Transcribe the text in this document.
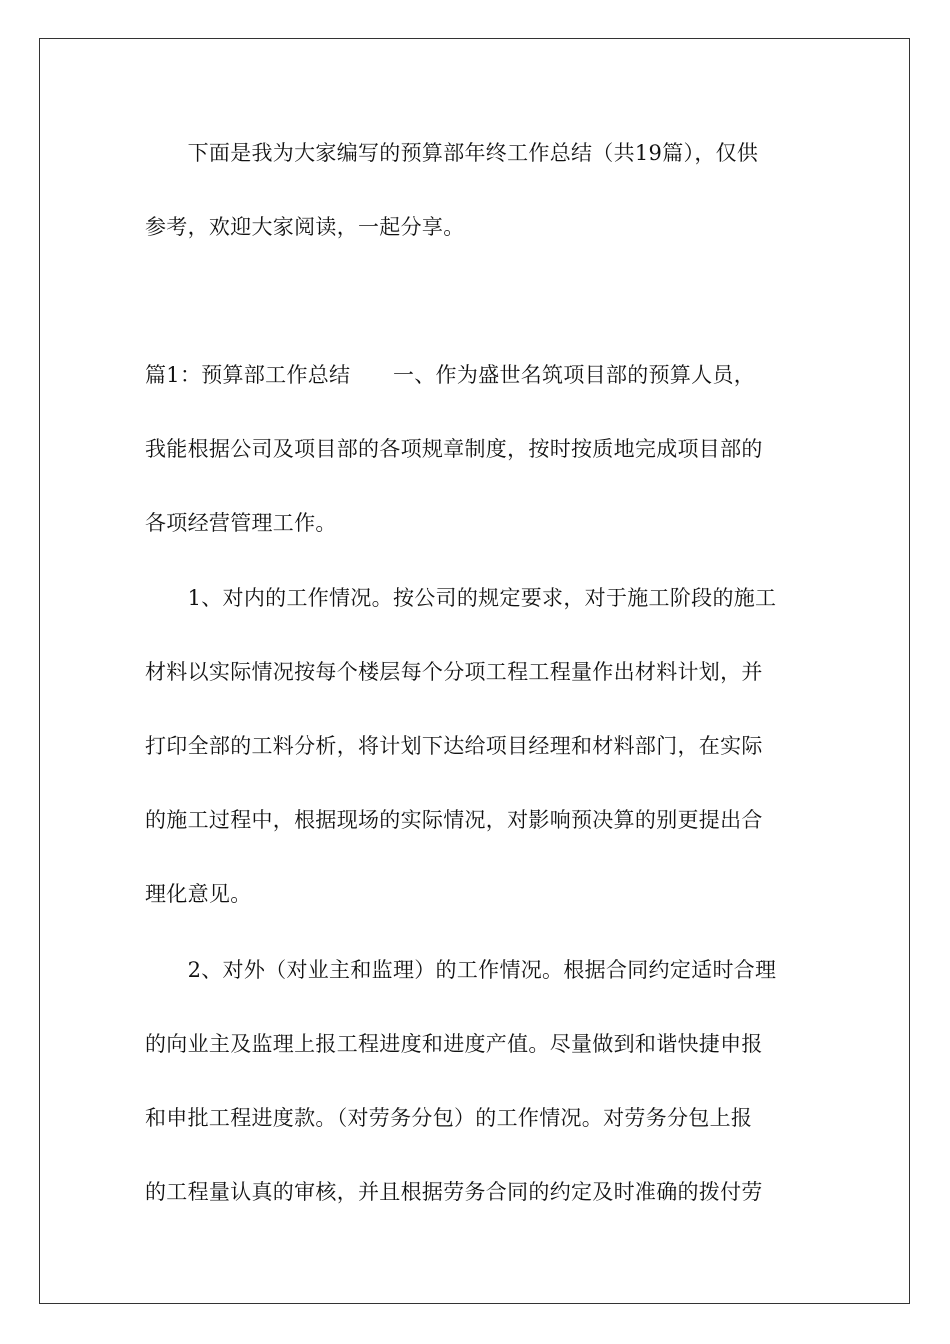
　　下面是我为大家编写的预算部年终工作总结（共19篇），仅供
参考，欢迎大家阅读，一起分享。
篇1：预算部工作总结　　一、作为盛世名筑项目部的预算人员，
我能根据公司及项目部的各项规章制度，按时按质地完成项目部的
各项经营管理工作。
　　1、对内的工作情况。按公司的规定要求，对于施工阶段的施工
材料以实际情况按每个楼层每个分项工程工程量作出材料计划，并
打印全部的工料分析，将计划下达给项目经理和材料部门，在实际
的施工过程中，根据现场的实际情况，对影响预决算的别更提出合
理化意见。
　　2、对外（对业主和监理）的工作情况。根据合同约定适时合理
的向业主及监理上报工程进度和进度产值。尽量做到和谐快捷申报
和申批工程进度款。（对劳务分包）的工作情况。对劳务分包上报
的工程量认真的审核，并且根据劳务合同的约定及时准确的拨付劳
